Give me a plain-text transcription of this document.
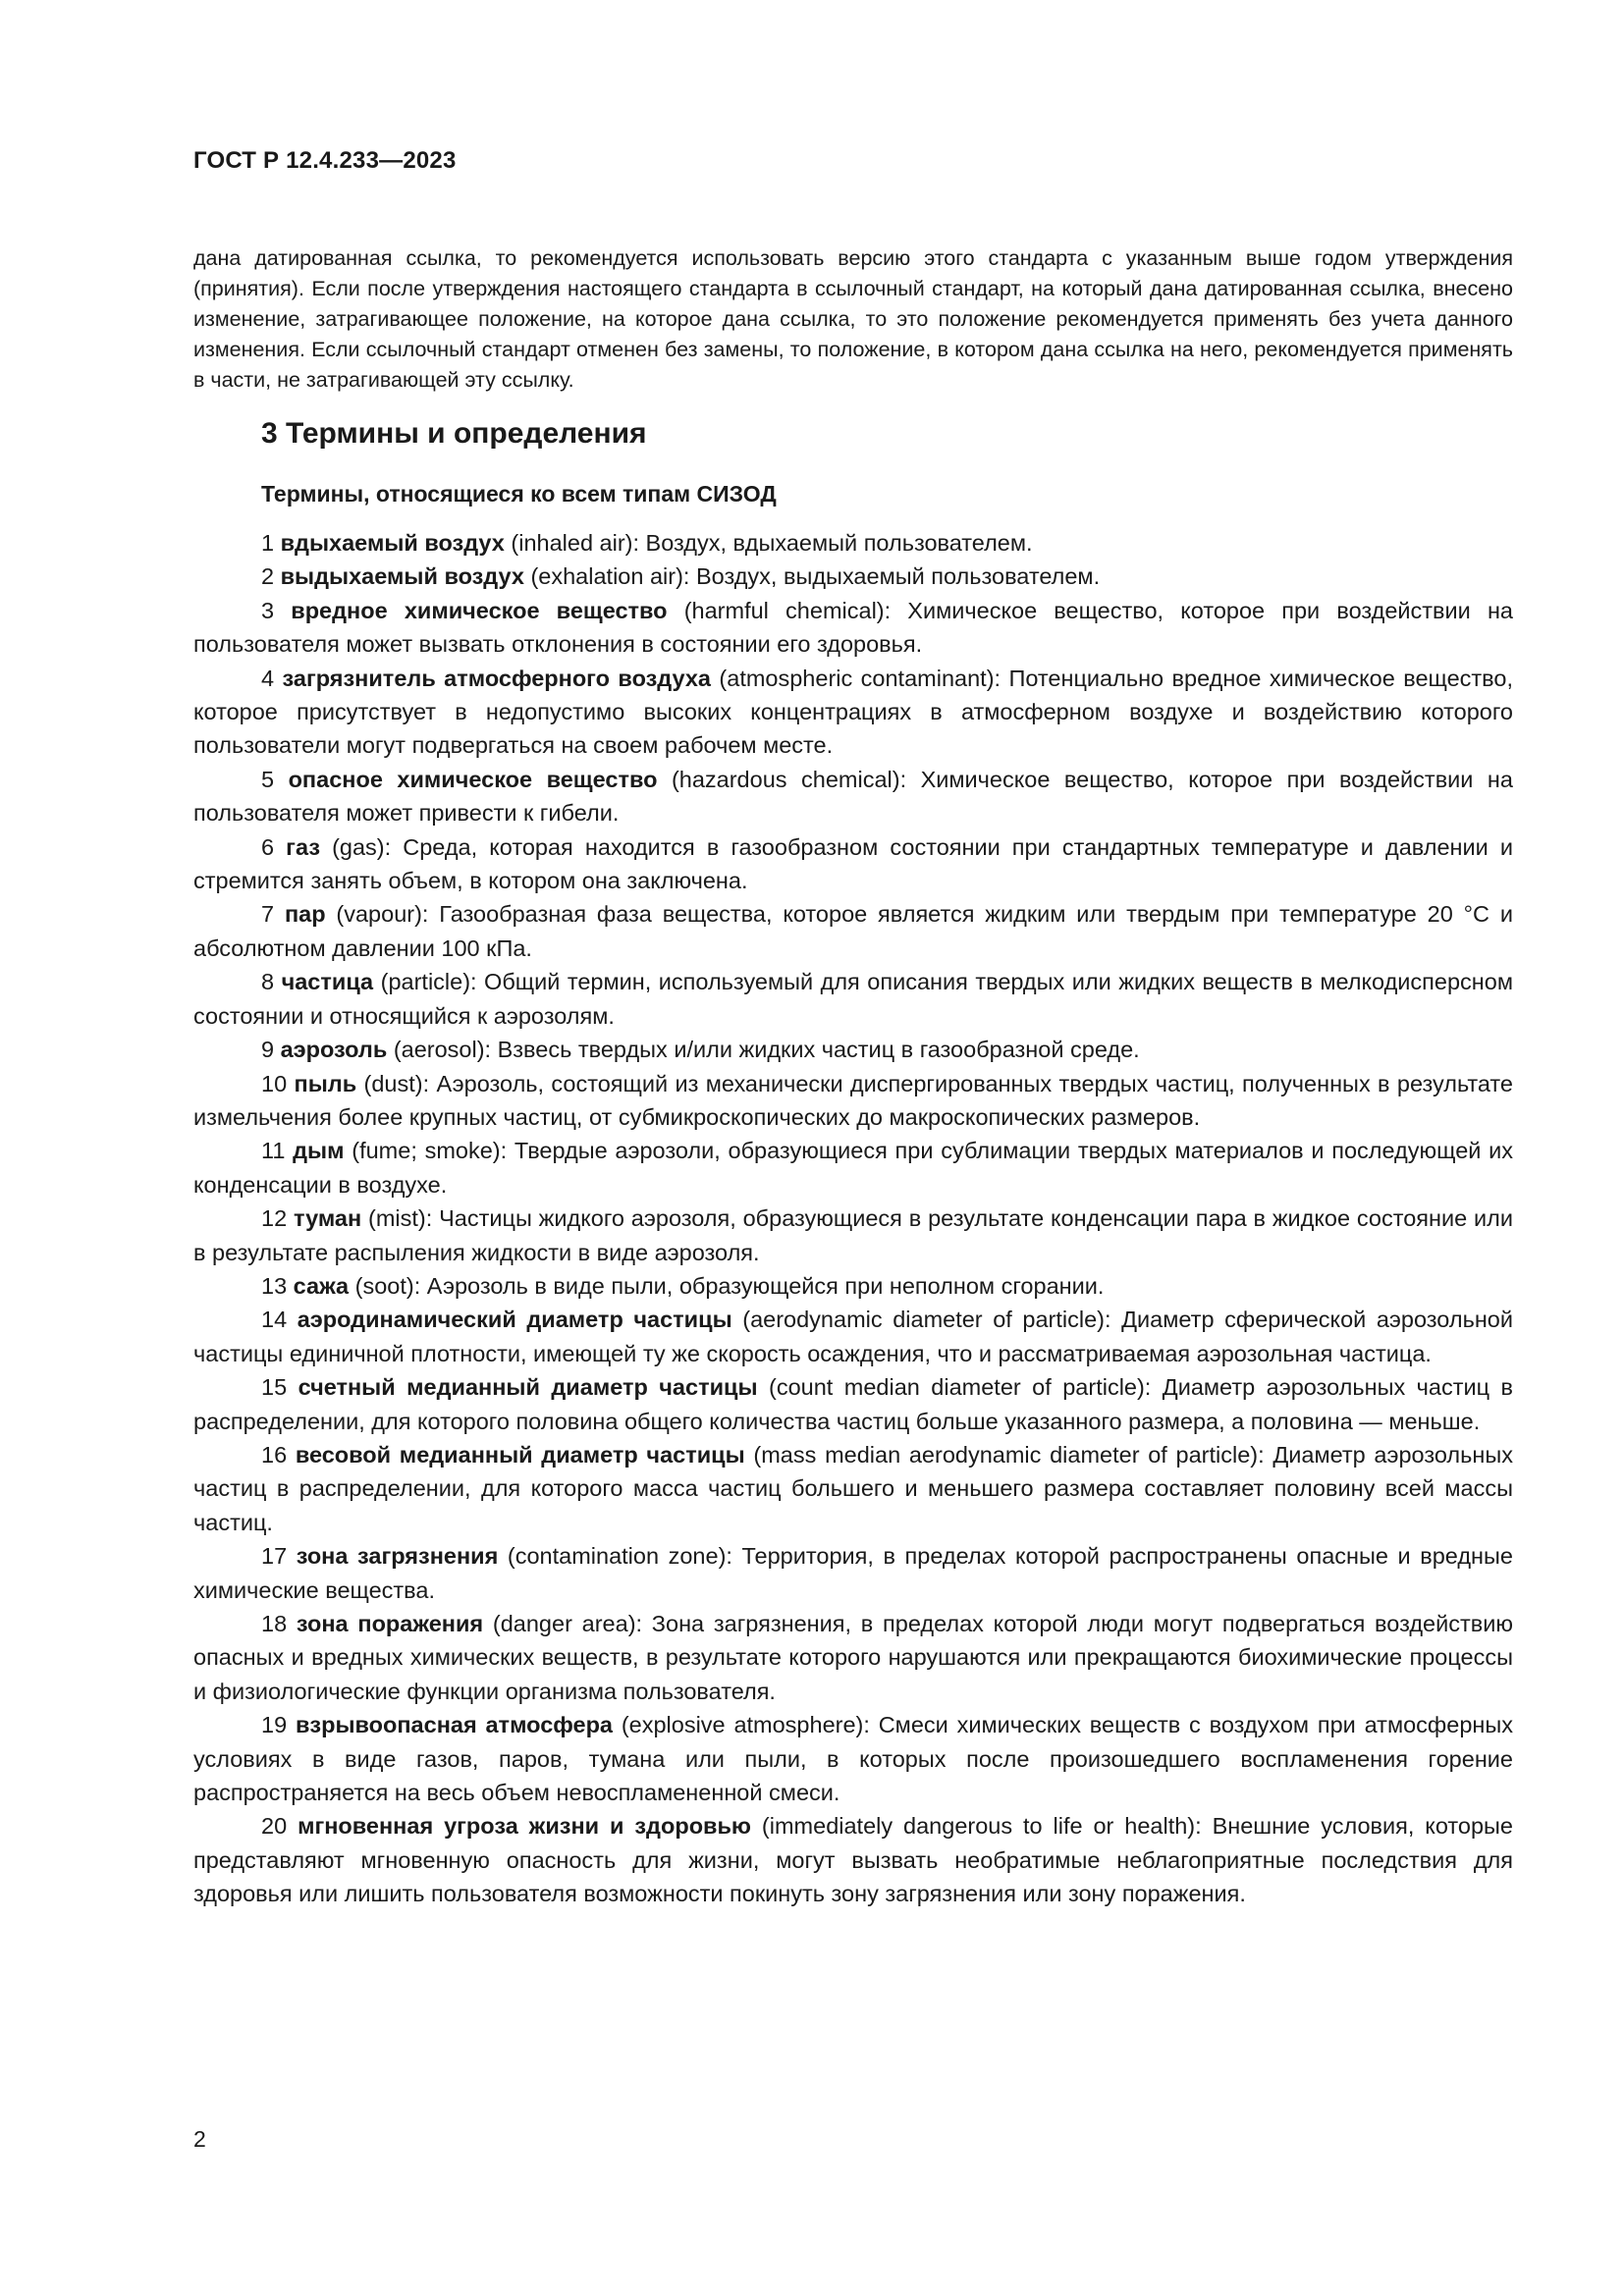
ГОСТ Р 12.4.233—2023

дана датированная ссылка, то рекомендуется использовать версию этого стандарта с указанным выше годом утверждения (принятия). Если после утверждения настоящего стандарта в ссылочный стандарт, на который дана датированная ссылка, внесено изменение, затрагивающее положение, на которое дана ссылка, то это положение рекомендуется применять без учета данного изменения. Если ссылочный стандарт отменен без замены, то положение, в котором дана ссылка на него, рекомендуется применять в части, не затрагивающей эту ссылку.

3 Термины и определения
Термины, относящиеся ко всем типам СИЗОД

1 вдыхаемый воздух (inhaled air): Воздух, вдыхаемый пользователем.

2 выдыхаемый воздух (exhalation air): Воздух, выдыхаемый пользователем.

3 вредное химическое вещество (harmful chemical): Химическое вещество, которое при воздействии на пользователя может вызвать отклонения в состоянии его здоровья.

4 загрязнитель атмосферного воздуха (atmospheric contaminant): Потенциально вредное химическое вещество, которое присутствует в недопустимо высоких концентрациях в атмосферном воздухе и воздействию которого пользователи могут подвергаться на своем рабочем месте.

5 опасное химическое вещество (hazardous chemical): Химическое вещество, которое при воздействии на пользователя может привести к гибели.

6 газ (gas): Среда, которая находится в газообразном состоянии при стандартных температуре и давлении и стремится занять объем, в котором она заключена.

7 пар (vapour): Газообразная фаза вещества, которое является жидким или твердым при температуре 20 °С и абсолютном давлении 100 кПа.

8 частица (particle): Общий термин, используемый для описания твердых или жидких веществ в мелкодисперсном состоянии и относящийся к аэрозолям.

9 аэрозоль (aerosol): Взвесь твердых и/или жидких частиц в газообразной среде.

10 пыль (dust): Аэрозоль, состоящий из механически диспергированных твердых частиц, полученных в результате измельчения более крупных частиц, от субмикроскопических до макроскопических размеров.

11 дым (fume; smoke): Твердые аэрозоли, образующиеся при сублимации твердых материалов и последующей их конденсации в воздухе.

12 туман (mist): Частицы жидкого аэрозоля, образующиеся в результате конденсации пара в жидкое состояние или в результате распыления жидкости в виде аэрозоля.

13 сажа (soot): Аэрозоль в виде пыли, образующейся при неполном сгорании.

14 аэродинамический диаметр частицы (aerodynamic diameter of particle): Диаметр сферической аэрозольной частицы единичной плотности, имеющей ту же скорость осаждения, что и рассматриваемая аэрозольная частица.

15 счетный медианный диаметр частицы (count median diameter of particle): Диаметр аэрозольных частиц в распределении, для которого половина общего количества частиц больше указанного размера, а половина — меньше.

16 весовой медианный диаметр частицы (mass median aerodynamic diameter of particle): Диаметр аэрозольных частиц в распределении, для которого масса частиц большего и меньшего размера составляет половину всей массы частиц.

17 зона загрязнения (contamination zone): Территория, в пределах которой распространены опасные и вредные химические вещества.

18 зона поражения (danger area): Зона загрязнения, в пределах которой люди могут подвергаться воздействию опасных и вредных химических веществ, в результате которого нарушаются или прекращаются биохимические процессы и физиологические функции организма пользователя.

19 взрывоопасная атмосфера (explosive atmosphere): Смеси химических веществ с воздухом при атмосферных условиях в виде газов, паров, тумана или пыли, в которых после произошедшего воспламенения горение распространяется на весь объем невоспламененной смеси.

20 мгновенная угроза жизни и здоровью (immediately dangerous to life or health): Внешние условия, которые представляют мгновенную опасность для жизни, могут вызвать необратимые неблагоприятные последствия для здоровья или лишить пользователя возможности покинуть зону загрязнения или зону поражения.

2
